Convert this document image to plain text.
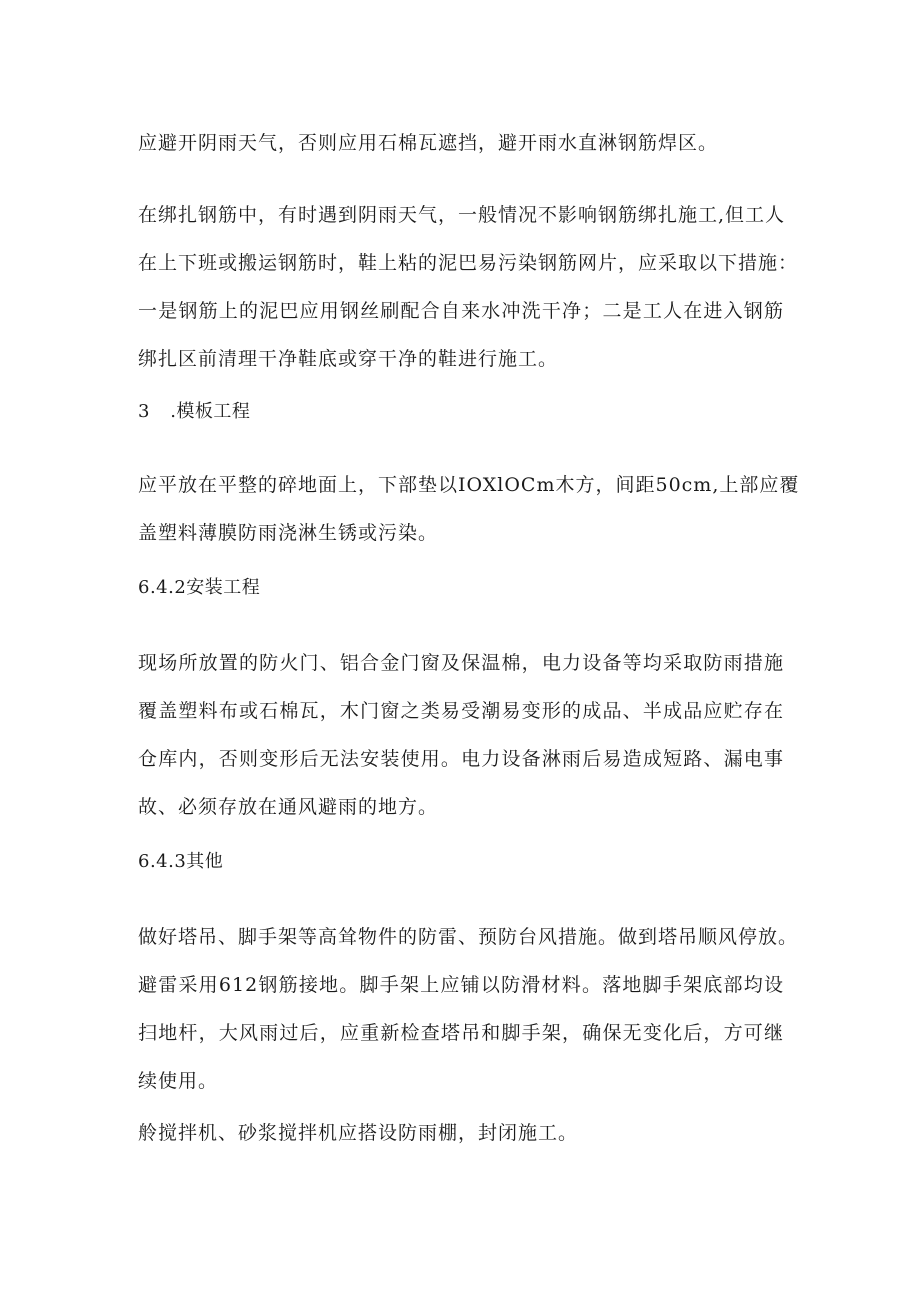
应避开阴雨天气，否则应用石棉瓦遮挡，避开雨水直淋钢筋焊区。
在绑扎钢筋中，有时遇到阴雨天气，一般情况不影响钢筋绑扎施工,但工人
在上下班或搬运钢筋时，鞋上粘的泥巴易污染钢筋网片，应采取以下措施：
一是钢筋上的泥巴应用钢丝刷配合自来水冲洗干净；二是工人在进入钢筋
绑扎区前清理干净鞋底或穿干净的鞋进行施工。
3 .模板工程
应平放在平整的碎地面上，下部垫以IOXlOCm木方，间距50cm,上部应覆
盖塑料薄膜防雨浇淋生锈或污染。
6.4.2安装工程
现场所放置的防火门、铝合金门窗及保温棉，电力设备等均采取防雨措施
覆盖塑料布或石棉瓦，木门窗之类易受潮易变形的成品、半成品应贮存在
仓库内，否则变形后无法安装使用。电力设备淋雨后易造成短路、漏电事
故、必须存放在通风避雨的地方。
6.4.3其他
做好塔吊、脚手架等高耸物件的防雷、预防台风措施。做到塔吊顺风停放。
避雷采用612钢筋接地。脚手架上应铺以防滑材料。落地脚手架底部均设
扫地杆，大风雨过后，应重新检查塔吊和脚手架，确保无变化后，方可继
续使用。
舲搅拌机、砂浆搅拌机应搭设防雨棚，封闭施工。
